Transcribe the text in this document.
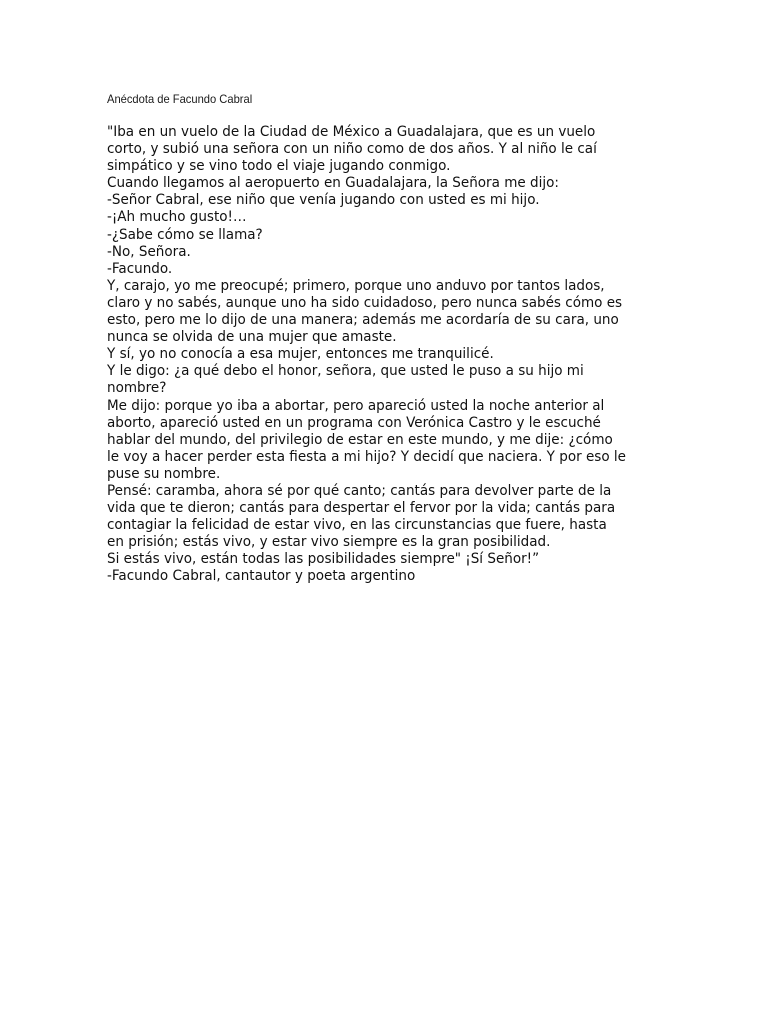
Anécdota de Facundo Cabral
"Iba en un vuelo de la Ciudad de México a Guadalajara, que es un vuelo
corto, y subió una señora con un niño como de dos años. Y al niño le caí
simpático y se vino todo el viaje jugando conmigo.
Cuando llegamos al aeropuerto en Guadalajara, la Señora me dijo:
-Señor Cabral, ese niño que venía jugando con usted es mi hijo.
-¡Ah mucho gusto!…
-¿Sabe cómo se llama?
-No, Señora.
-Facundo.
Y, carajo, yo me preocupé; primero, porque uno anduvo por tantos lados,
claro y no sabés, aunque uno ha sido cuidadoso, pero nunca sabés cómo es
esto, pero me lo dijo de una manera; además me acordaría de su cara, uno
nunca se olvida de una mujer que amaste.
Y sí, yo no conocía a esa mujer, entonces me tranquilicé.
Y le digo: ¿a qué debo el honor, señora, que usted le puso a su hijo mi
nombre?
Me dijo: porque yo iba a abortar, pero apareció usted la noche anterior al
aborto, apareció usted en un programa con Verónica Castro y le escuché
hablar del mundo, del privilegio de estar en este mundo, y me dije: ¿cómo
le voy a hacer perder esta fiesta a mi hijo? Y decidí que naciera. Y por eso le
puse su nombre.
Pensé: caramba, ahora sé por qué canto; cantás para devolver parte de la
vida que te dieron; cantás para despertar el fervor por la vida; cantás para
contagiar la felicidad de estar vivo, en las circunstancias que fuere, hasta
en prisión; estás vivo, y estar vivo siempre es la gran posibilidad.
Si estás vivo, están todas las posibilidades siempre" ¡Sí Señor!”
-Facundo Cabral, cantautor y poeta argentino
